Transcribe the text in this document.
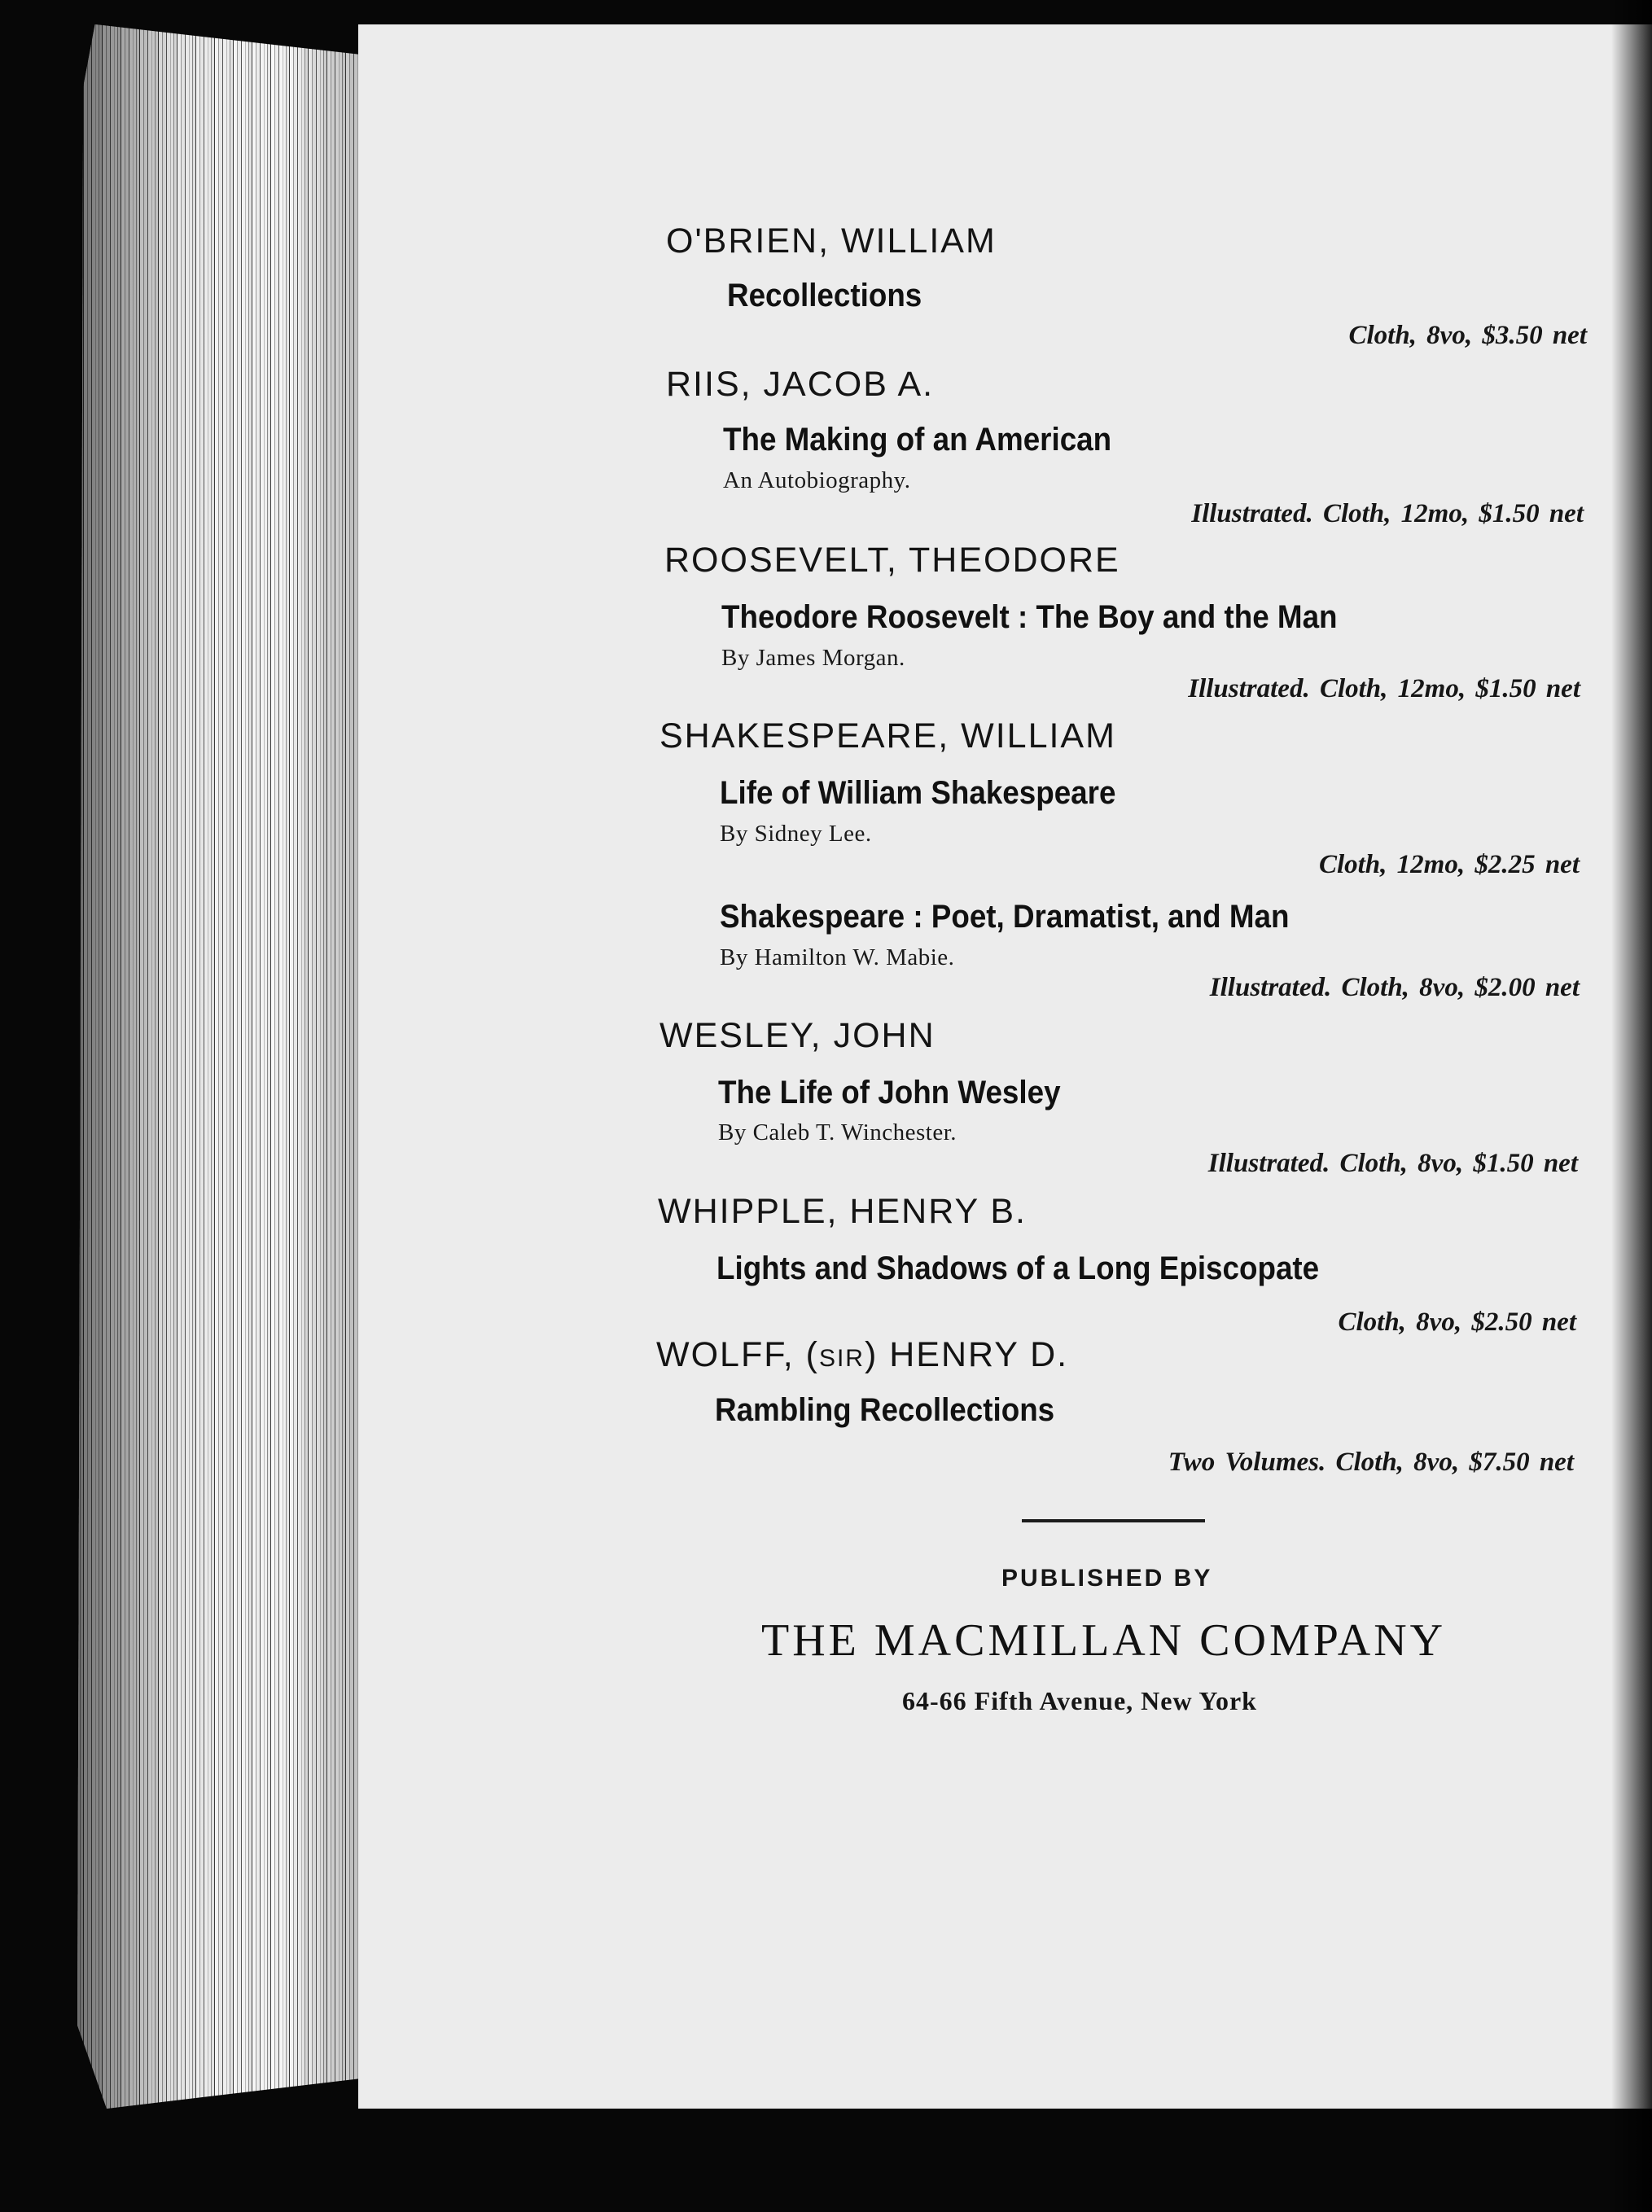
O'BRIEN, WILLIAM
Recollections
Cloth, 8vo, $3.50 net
RIIS, JACOB A.
The Making of an American
An Autobiography.
Illustrated. Cloth, 12mo, $1.50 net
ROOSEVELT, THEODORE
Theodore Roosevelt : The Boy and the Man
By James Morgan.
Illustrated. Cloth, 12mo, $1.50 net
SHAKESPEARE, WILLIAM
Life of William Shakespeare
By Sidney Lee.
Cloth, 12mo, $2.25 net
Shakespeare : Poet, Dramatist, and Man
By Hamilton W. Mabie.
Illustrated. Cloth, 8vo, $2.00 net
WESLEY, JOHN
The Life of John Wesley
By Caleb T. Winchester.
Illustrated. Cloth, 8vo, $1.50 net
WHIPPLE, HENRY B.
Lights and Shadows of a Long Episcopate
Cloth, 8vo, $2.50 net
WOLFF, (SIR) HENRY D.
Rambling Recollections
Two Volumes. Cloth, 8vo, $7.50 net
PUBLISHED BY
THE MACMILLAN COMPANY
64-66 Fifth Avenue, New York
